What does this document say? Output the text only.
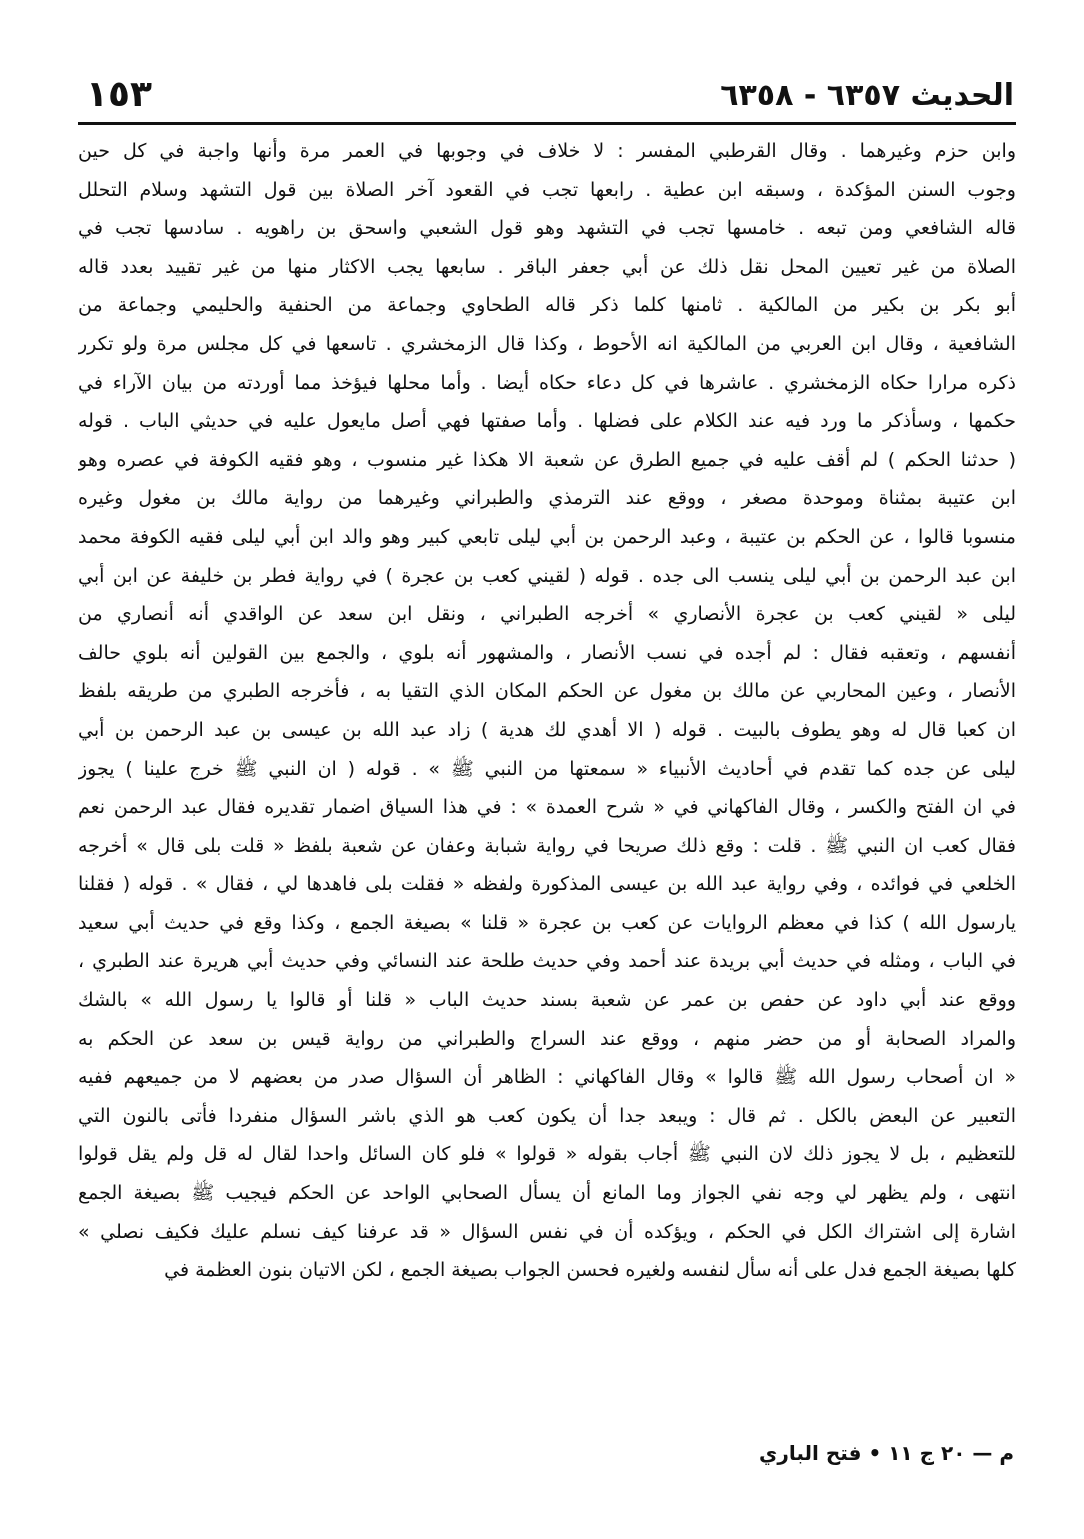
الحديث ٦٣٥٧ - ٦٣٥٨
١٥٣
وابن حزم وغيرهما . وقال القرطبي المفسر : لا خلاف في وجوبها في العمر مرة وأنها واجبة في كل حين
وجوب السنن المؤكدة ، وسبقه ابن عطية . رابعها تجب في القعود آخر الصلاة بين قول التشهد وسلام التحلل
قاله الشافعي ومن تبعه . خامسها تجب في التشهد وهو قول الشعبي واسحق بن راهويه . سادسها تجب في
الصلاة من غير تعيين المحل نقل ذلك عن أبي جعفر الباقر . سابعها يجب الاكثار منها من غير تقييد بعدد قاله
أبو بكر بن بكير من المالكية . ثامنها كلما ذكر قاله الطحاوي وجماعة من الحنفية والحليمي وجماعة من
الشافعية ، وقال ابن العربي من المالكية انه الأحوط ، وكذا قال الزمخشري . تاسعها في كل مجلس مرة ولو تكرر
ذكره مرارا حكاه الزمخشري . عاشرها في كل دعاء حكاه أيضا . وأما محلها فيؤخذ مما أوردته من بيان الآراء في
حكمها ، وسأذكر ما ورد فيه عند الكلام على فضلها . وأما صفتها فهي أصل مايعول عليه في حديثي الباب . قوله
( حدثنا الحكم ) لم أقف عليه في جميع الطرق عن شعبة الا هكذا غير منسوب ، وهو فقيه الكوفة في عصره وهو
ابن عتيبة بمثناة وموحدة مصغر ، ووقع عند الترمذي والطبراني وغيرهما من رواية مالك بن مغول وغيره
منسوبا قالوا ، عن الحكم بن عتيبة ، وعبد الرحمن بن أبي ليلى تابعي كبير وهو والد ابن أبي ليلى فقيه الكوفة محمد
ابن عبد الرحمن بن أبي ليلى ينسب الى جده . قوله ( لقيني كعب بن عجرة ) في رواية فطر بن خليفة عن ابن أبي
ليلى « لقيني كعب بن عجرة الأنصاري » أخرجه الطبراني ، ونقل ابن سعد عن الواقدي أنه أنصاري من
أنفسهم ، وتعقبه فقال : لم أجده في نسب الأنصار ، والمشهور أنه بلوي ، والجمع بين القولين أنه بلوي حالف
الأنصار ، وعين المحاربي عن مالك بن مغول عن الحكم المكان الذي التقيا به ، فأخرجه الطبري من طريقه بلفظ
ان كعبا قال له وهو يطوف بالبيت . قوله ( الا أهدي لك هدية ) زاد عبد الله بن عيسى بن عبد الرحمن بن أبي
ليلى عن جده كما تقدم في أحاديث الأنبياء « سمعتها من النبي ﷺ » . قوله ( ان النبي ﷺ خرج علينا ) يجوز
في ان الفتح والكسر ، وقال الفاكهاني في « شرح العمدة » : في هذا السياق اضمار تقديره فقال عبد الرحمن نعم
فقال كعب ان النبي ﷺ . قلت : وقع ذلك صريحا في رواية شبابة وعفان عن شعبة بلفظ « قلت بلى قال » أخرجه
الخلعي في فوائده ، وفي رواية عبد الله بن عيسى المذكورة ولفظه « فقلت بلى فاهدها لي ، فقال » . قوله ( فقلنا
يارسول الله ) كذا في معظم الروايات عن كعب بن عجرة « قلنا » بصيغة الجمع ، وكذا وقع في حديث أبي سعيد
في الباب ، ومثله في حديث أبي بريدة عند أحمد وفي حديث طلحة عند النسائي وفي حديث أبي هريرة عند الطبري ،
ووقع عند أبي داود عن حفص بن عمر عن شعبة بسند حديث الباب « قلنا أو قالوا يا رسول الله » بالشك
والمراد الصحابة أو من حضر منهم ، ووقع عند السراج والطبراني من رواية قيس بن سعد عن الحكم به
« ان أصحاب رسول الله ﷺ قالوا » وقال الفاكهاني : الظاهر أن السؤال صدر من بعضهم لا من جميعهم ففيه
التعبير عن البعض بالكل . ثم قال : ويبعد جدا أن يكون كعب هو الذي باشر السؤال منفردا فأتى بالنون التي
للتعظيم ، بل لا يجوز ذلك لان النبي ﷺ أجاب بقوله « قولوا » فلو كان السائل واحدا لقال له قل ولم يقل قولوا
انتهى ، ولم يظهر لي وجه نفي الجواز وما المانع أن يسأل الصحابي الواحد عن الحكم فيجيب ﷺ بصيغة الجمع
اشارة إلى اشتراك الكل في الحكم ، ويؤكده أن في نفس السؤال « قد عرفنا كيف نسلم عليك فكيف نصلي »
كلها بصيغة الجمع فدل على أنه سأل لنفسه ولغيره فحسن الجواب بصيغة الجمع ، لكن الاتيان بنون العظمة في
م — ٢٠ ج ١١ • فتح الباري
